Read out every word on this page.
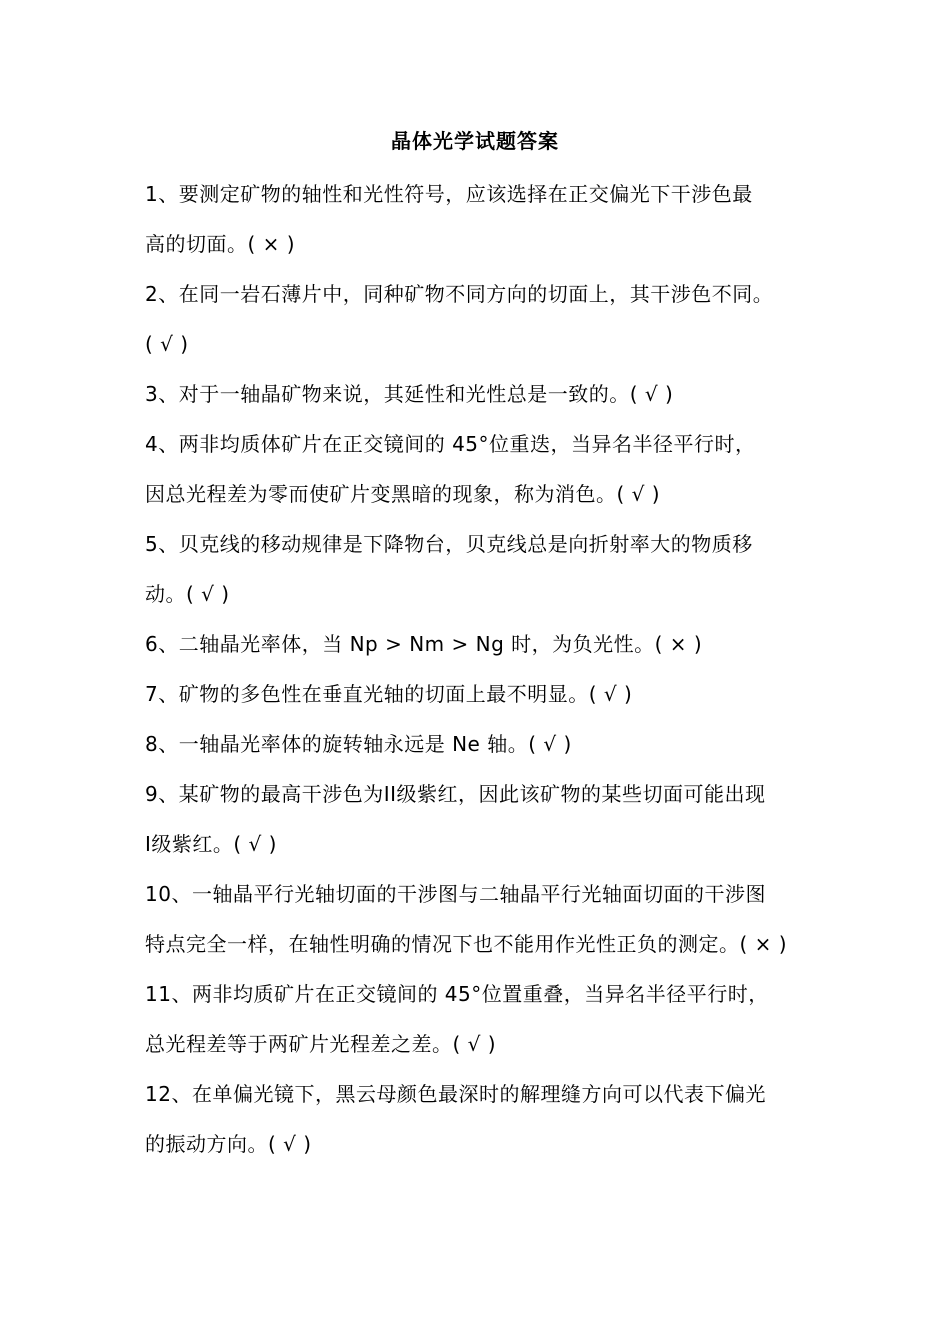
晶体光学试题答案
1、要测定矿物的轴性和光性符号，应该选择在正交偏光下干涉色最
高的切面。( × )
2、在同一岩石薄片中，同种矿物不同方向的切面上，其干涉色不同。
( √ )
3、对于一轴晶矿物来说，其延性和光性总是一致的。( √ )
4、两非均质体矿片在正交镜间的 45°位重迭，当异名半径平行时，
因总光程差为零而使矿片变黑暗的现象，称为消色。( √ )
5、贝克线的移动规律是下降物台，贝克线总是向折射率大的物质移
动。( √ )
6、二轴晶光率体，当 Np > Nm > Ng 时，为负光性。( × )
7、矿物的多色性在垂直光轴的切面上最不明显。( √ )
8、一轴晶光率体的旋转轴永远是 Ne 轴。( √ )
9、某矿物的最高干涉色为II级紫红，因此该矿物的某些切面可能出现
I级紫红。( √ )
10、一轴晶平行光轴切面的干涉图与二轴晶平行光轴面切面的干涉图
特点完全一样，在轴性明确的情况下也不能用作光性正负的测定。( × )
11、两非均质矿片在正交镜间的 45°位置重叠，当异名半径平行时，
总光程差等于两矿片光程差之差。( √ )
12、在单偏光镜下，黑云母颜色最深时的解理缝方向可以代表下偏光
的振动方向。( √ )
